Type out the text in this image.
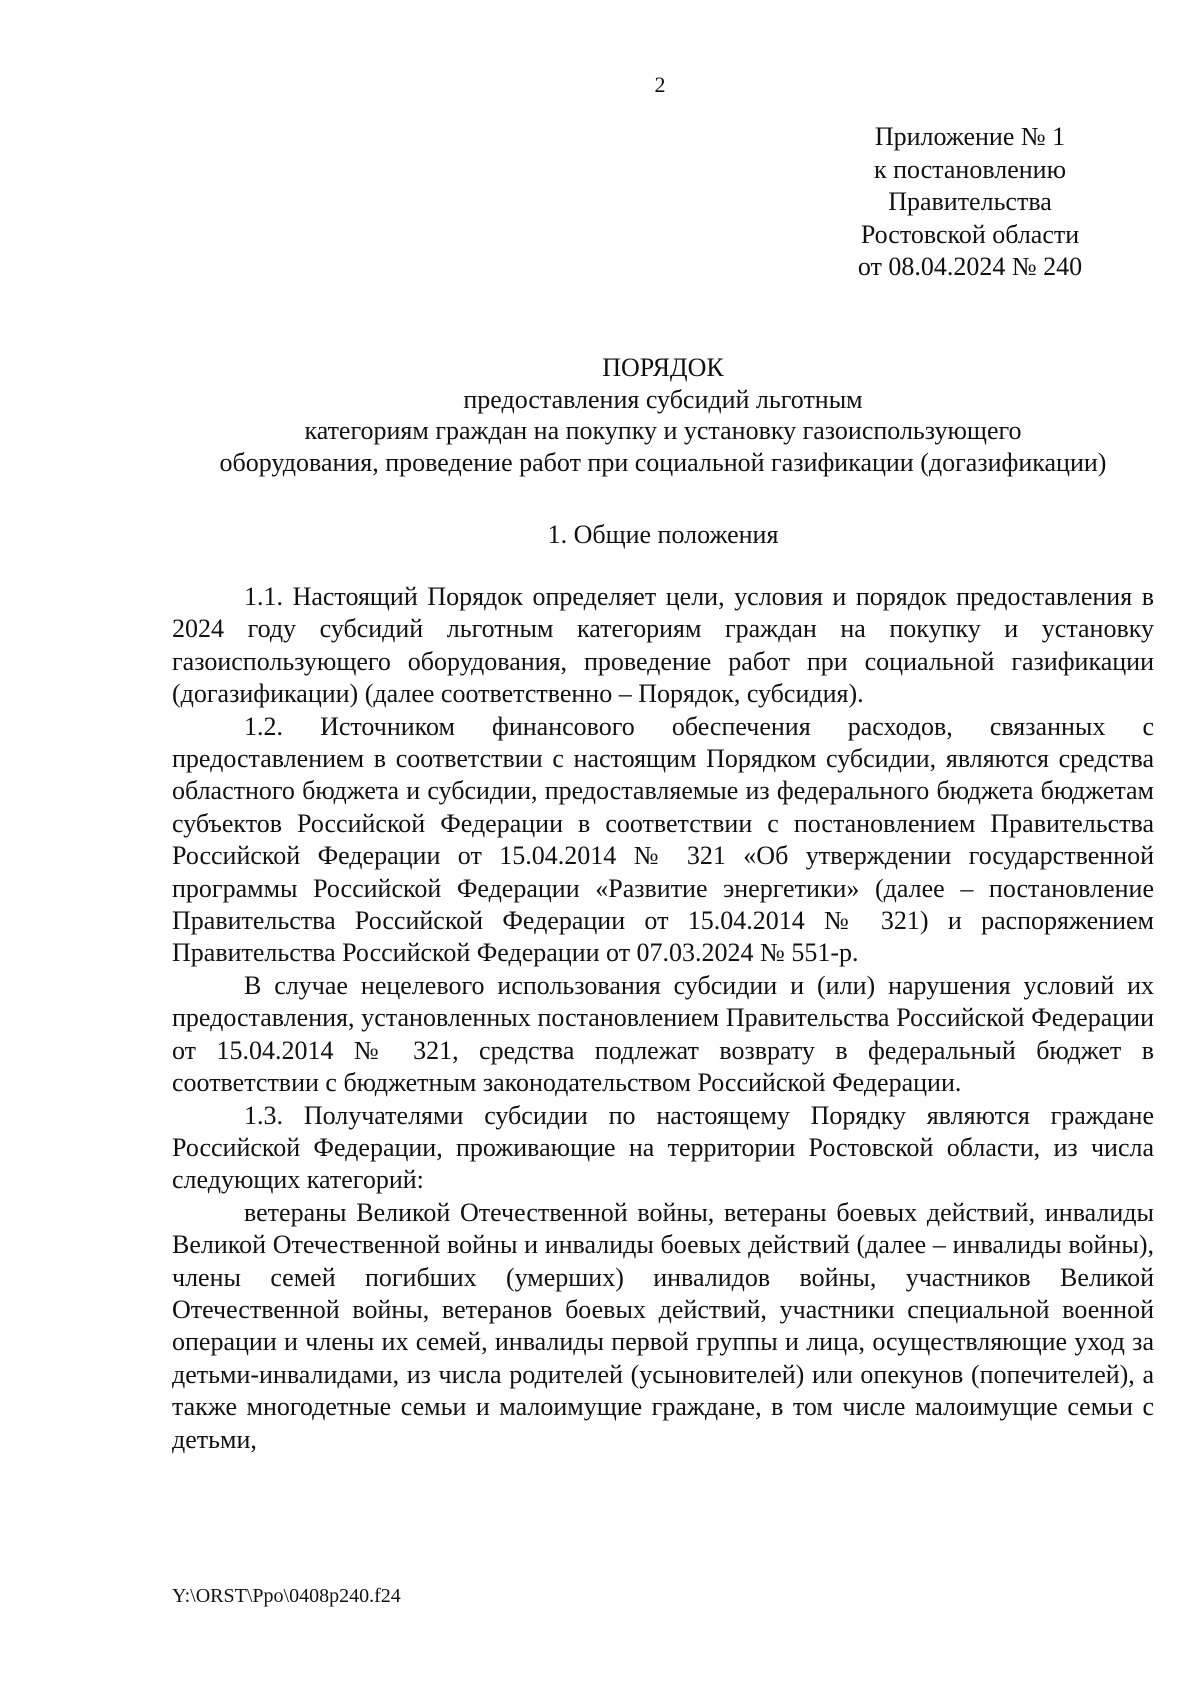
2
Приложение № 1
к постановлению
Правительства
Ростовской области
от 08.04.2024 № 240
ПОРЯДОК
предоставления субсидий льготным
категориям граждан на покупку и установку газоиспользующего
оборудования, проведение работ при социальной газификации (догазификации)
1. Общие положения

1.1. Настоящий Порядок определяет цели, условия и порядок предоставления в 2024 году субсидий льготным категориям граждан на покупку и установку газоиспользующего оборудования, проведение работ при социальной газификации (догазификации) (далее соответственно – Порядок, субсидия).

1.2. Источником финансового обеспечения расходов, связанных с предоставлением в соответствии с настоящим Порядком субсидии, являются средства областного бюджета и субсидии, предоставляемые из федерального бюджета бюджетам субъектов Российской Федерации в соответствии с постановлением Правительства Российской Федерации от 15.04.2014 № 321 «Об утверждении государственной программы Российской Федерации «Развитие энергетики» (далее – постановление Правительства Российской Федерации от 15.04.2014 № 321) и распоряжением Правительства Российской Федерации от 07.03.2024 № 551-р.

В случае нецелевого использования субсидии и (или) нарушения условий их предоставления, установленных постановлением Правительства Российской Федерации от 15.04.2014 № 321, средства подлежат возврату в федеральный бюджет в соответствии с бюджетным законодательством Российской Федерации.

1.3. Получателями субсидии по настоящему Порядку являются граждане Российской Федерации, проживающие на территории Ростовской области, из числа следующих категорий:

ветераны Великой Отечественной войны, ветераны боевых действий, инвалиды Великой Отечественной войны и инвалиды боевых действий (далее – инвалиды войны), члены семей погибших (умерших) инвалидов войны, участников Великой Отечественной войны, ветеранов боевых действий, участники специальной военной операции и члены их семей, инвалиды первой группы и лица, осуществляющие уход за детьми-инвалидами, из числа родителей (усыновителей) или опекунов (попечителей), а также многодетные семьи и малоимущие граждане, в том числе малоимущие семьи с детьми,

Y:\ORST\Ppo\0408p240.f24
